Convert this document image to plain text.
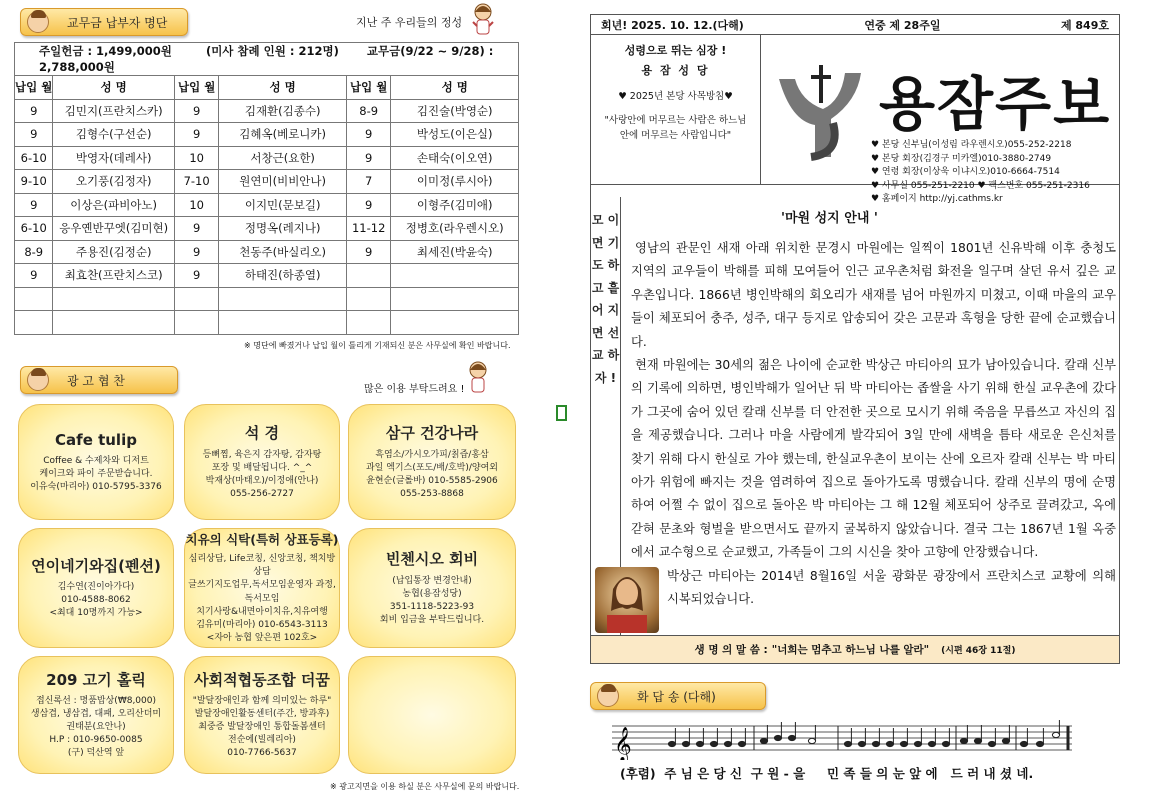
교무금 납부자 명단	지난 주 우리들의 정성
주일헌금 : 1,499,000원 (미사 참례 인원 : 212명) 교무금(9/22 ~ 9/28) : 2,788,000원					
납입 월	성 명	납입 월	성 명	납입 월	성 명
9	김민지(프란치스카)	9	김재환(김종수)	8-9	김진술(박영순)
9	김형수(구선순)	9	김혜옥(베로니카)	9	박성도(이은실)
6-10	박영자(데레사)	10	서창근(요한)	9	손태숙(이오연)
9-10	오기풍(김정자)	7-10	원연미(비비안나)	7	이미정(루시아)
9	이상은(파비아노)	10	이지민(문보길)	9	이형주(김미애)
6-10	응우옌반꾸엣(김미현)	9	정명옥(레지나)	11-12	정병호(라우렌시오)
8-9	주용진(김정순)	9	천동주(바실리오)	9	최세진(박윤숙)
9	최효찬(프란치스코)	9	하태진(하종열)		

※ 명단에 빠졌거나 납입 월이 틀리게 기재되신 분은 사무실에 확인 바랍니다.
광 고 협 찬
많은 이용 부탁드려요 !
Cafe tulip
Coffee & 수제차와 디저트
케이크와 파이 주문받습니다.
이유숙(마리아) 010-5795-3376
석 경
등뼈찜, 육은지 감자탕, 감자탕
포장 및 배달됩니다. ^_^
박재상(마태오)/이정애(안나)
055-256-2727
삼구 건강나라
흑염소/가시오가피/칡즙/홍삼
과일 엑기스(포도/배/호박)/양여외
윤현순(글롤바) 010-5585-2906
055-253-8868
연이네기와집(펜션)
김수연(진이아가다)
010-4588-8062
<최대 10명까지 가능>
치유의 식탁(특허 상표등록)
심리상담, Life코칭, 신앙코칭, 책치방상담
글쓰기지도업무,독서모임운영자 과정,
독서모임
치기사랑&내면아이치유,치유여행
김유미(마리아) 010-6543-3113
<자아 농협 앞은편 102호>
빈첸시오 회비
(납입통장 변경안내)
농협(용잠성당)
351-1118-5223-93
회비 입금을 부탁드립니다.
209 고기 홀릭
접신록선 : 명품밥상(₩8,000)
생삼겹, 냉삼겹, 대패, 오리산더미
권태분(요안나)
H.P : 010-9650-0085
(구) 덕산역 앞
사회적협동조합 더꿈
"발달장애인과 함께 의미있는 하루"
발달장애인활동센터(주간, 방과후)
최중증 발달장애인 통합돌봄센터
전순에(빌레리아)
010-7766-5637
※ 광고지면을 이용 하실 분은 사무실에 문의 바랍니다.
회년! 2025. 10. 12.(다해)	연중 제 28주일	제 849호
성령으로 뛰는 심장 !
용 잠 성 당
♥ 2025년 본당 사목방침♥
"사랑안에 머무르는 사람은 하느님 안에 머무르는 사람입니다"	용잠주보
♥ 본당 신부님(이성림 라우렌시오)055-252-2218
♥ 본당 회장(김경구 미카엘)010-3880-2749
♥ 연령 회장(이상욱 이냐시오)010-6664-7514
♥ 사무실 055-251-2210 ♥ 팩스번호 055-251-2316
♥ 홈페이지 http://yj.cathms.kr
모 이 면 기 도 하 고 흩 어 지 면 선 교 하 자 !
'마원 성지 안내 '

영남의 관문인 새재 아래 위치한 문경시 마원에는 일찍이 1801년 신유박해 이후 충청도 지역의 교우들이 박해를 피해 모여들어 인근 교우촌처럼 화전을 일구며 살던 유서 깊은 교우촌입니다. 1866년 병인박해의 회오리가 새재를 넘어 마원까지 미쳤고, 이때 마을의 교우들이 체포되어 충주, 성주, 대구 등지로 압송되어 갖은 고문과 혹형을 당한 끝에 순교했습니다.

현재 마원에는 30세의 젊은 나이에 순교한 박상근 마티아의 묘가 남아있습니다. 칼래 신부의 기록에 의하면, 병인박해가 일어난 뒤 박 마티아는 좁쌀을 사기 위해 한실 교우촌에 갔다가 그곳에 숨어 있던 칼래 신부를 더 안전한 곳으로 모시기 위해 죽음을 무릅쓰고 자신의 집을 제공했습니다. 그러나 마을 사람에게 발각되어 3일 만에 새벽을 틈타 새로운 은신처를 찾기 위해 다시 한실로 가야 했는데, 한실교우촌이 보이는 산에 오르자 칼래 신부는 박 마티아가 위험에 빠지는 것을 염려하여 집으로 돌아가도록 명했습니다. 칼래 신부의 명에 순명하여 어쩔 수 없이 집으로 돌아온 박 마티아는 그 해 12월 체포되어 상주로 끌려갔고, 옥에 갇혀 문초와 형벌을 받으면서도 끝까지 굴복하지 않았습니다. 결국 그는 1867년 1월 옥중에서 교수형으로 순교했고, 가족들이 그의 시신을 찾아 고향에 안장했습니다.

박상근 마티아는 2014년 8월16일 서울 광화문 광장에서 프란치스코 교황에 의해 시복되었습니다.

생 명 의 말 씀 : "너희는 멈추고 하느님 나를 알라" (시편 46장 11절)
화 답 송 (다해)
𝄞
(후렴)  주 님 은 당 신  구 원 - 을     민 족 들 의 눈 앞 에   드 러 내 셨 네.
